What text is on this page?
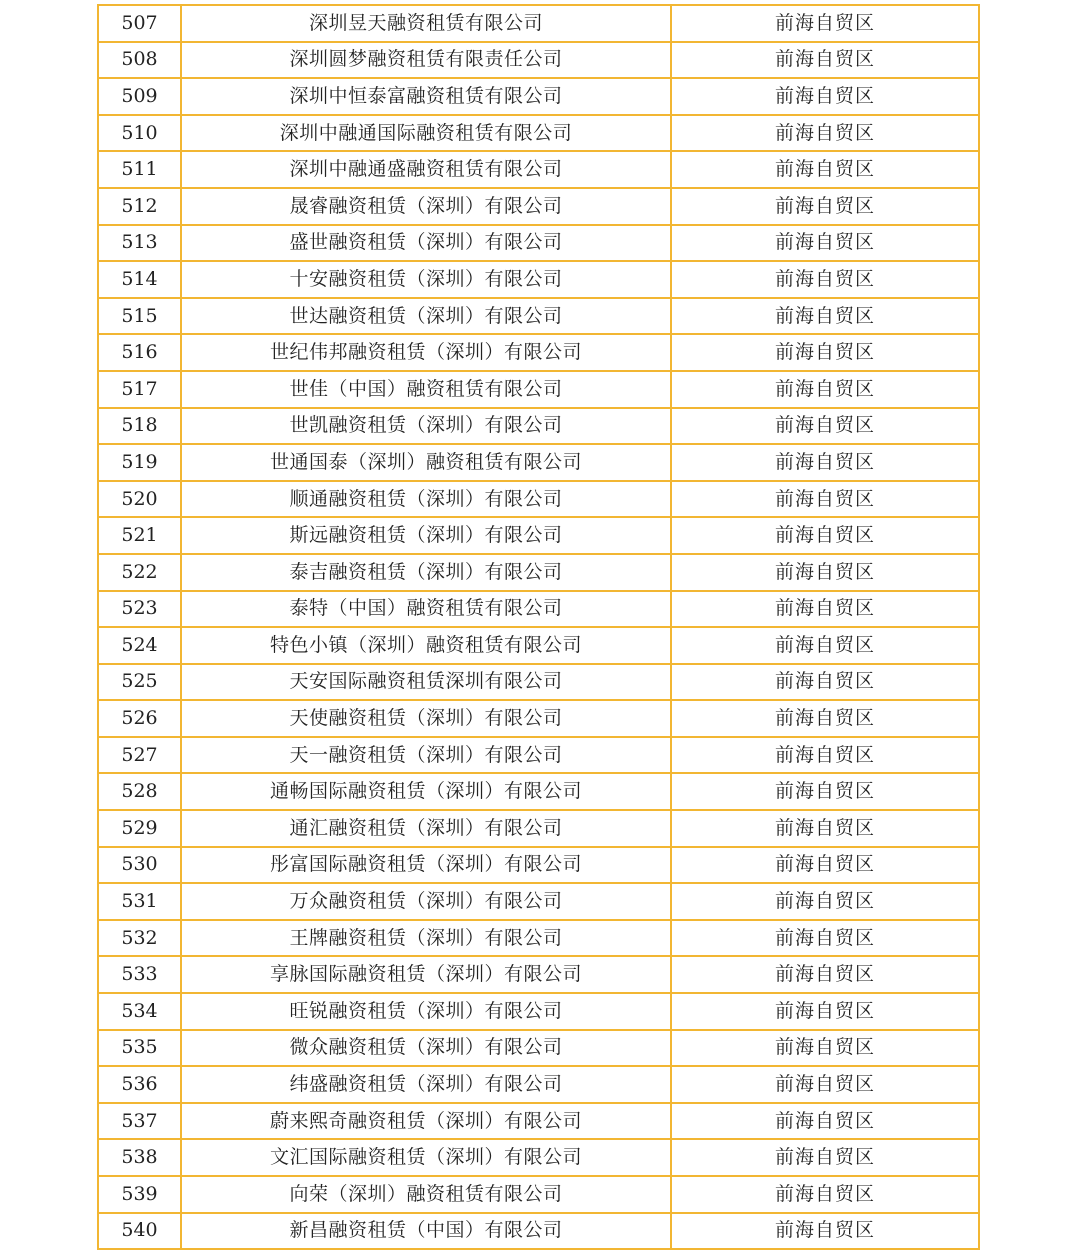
507	深圳昱天融资租赁有限公司	前海自贸区
508	深圳圆梦融资租赁有限责任公司	前海自贸区
509	深圳中恒泰富融资租赁有限公司	前海自贸区
510	深圳中融通国际融资租赁有限公司	前海自贸区
511	深圳中融通盛融资租赁有限公司	前海自贸区
512	晟睿融资租赁（深圳）有限公司	前海自贸区
513	盛世融资租赁（深圳）有限公司	前海自贸区
514	十安融资租赁（深圳）有限公司	前海自贸区
515	世达融资租赁（深圳）有限公司	前海自贸区
516	世纪伟邦融资租赁（深圳）有限公司	前海自贸区
517	世佳（中国）融资租赁有限公司	前海自贸区
518	世凯融资租赁（深圳）有限公司	前海自贸区
519	世通国泰（深圳）融资租赁有限公司	前海自贸区
520	顺通融资租赁（深圳）有限公司	前海自贸区
521	斯远融资租赁（深圳）有限公司	前海自贸区
522	泰吉融资租赁（深圳）有限公司	前海自贸区
523	泰特（中国）融资租赁有限公司	前海自贸区
524	特色小镇（深圳）融资租赁有限公司	前海自贸区
525	天安国际融资租赁深圳有限公司	前海自贸区
526	天使融资租赁（深圳）有限公司	前海自贸区
527	天一融资租赁（深圳）有限公司	前海自贸区
528	通畅国际融资租赁（深圳）有限公司	前海自贸区
529	通汇融资租赁（深圳）有限公司	前海自贸区
530	彤富国际融资租赁（深圳）有限公司	前海自贸区
531	万众融资租赁（深圳）有限公司	前海自贸区
532	王牌融资租赁（深圳）有限公司	前海自贸区
533	享脉国际融资租赁（深圳）有限公司	前海自贸区
534	旺锐融资租赁（深圳）有限公司	前海自贸区
535	微众融资租赁（深圳）有限公司	前海自贸区
536	纬盛融资租赁（深圳）有限公司	前海自贸区
537	蔚来熙奇融资租赁（深圳）有限公司	前海自贸区
538	文汇国际融资租赁（深圳）有限公司	前海自贸区
539	向荣（深圳）融资租赁有限公司	前海自贸区
540	新昌融资租赁（中国）有限公司	前海自贸区
